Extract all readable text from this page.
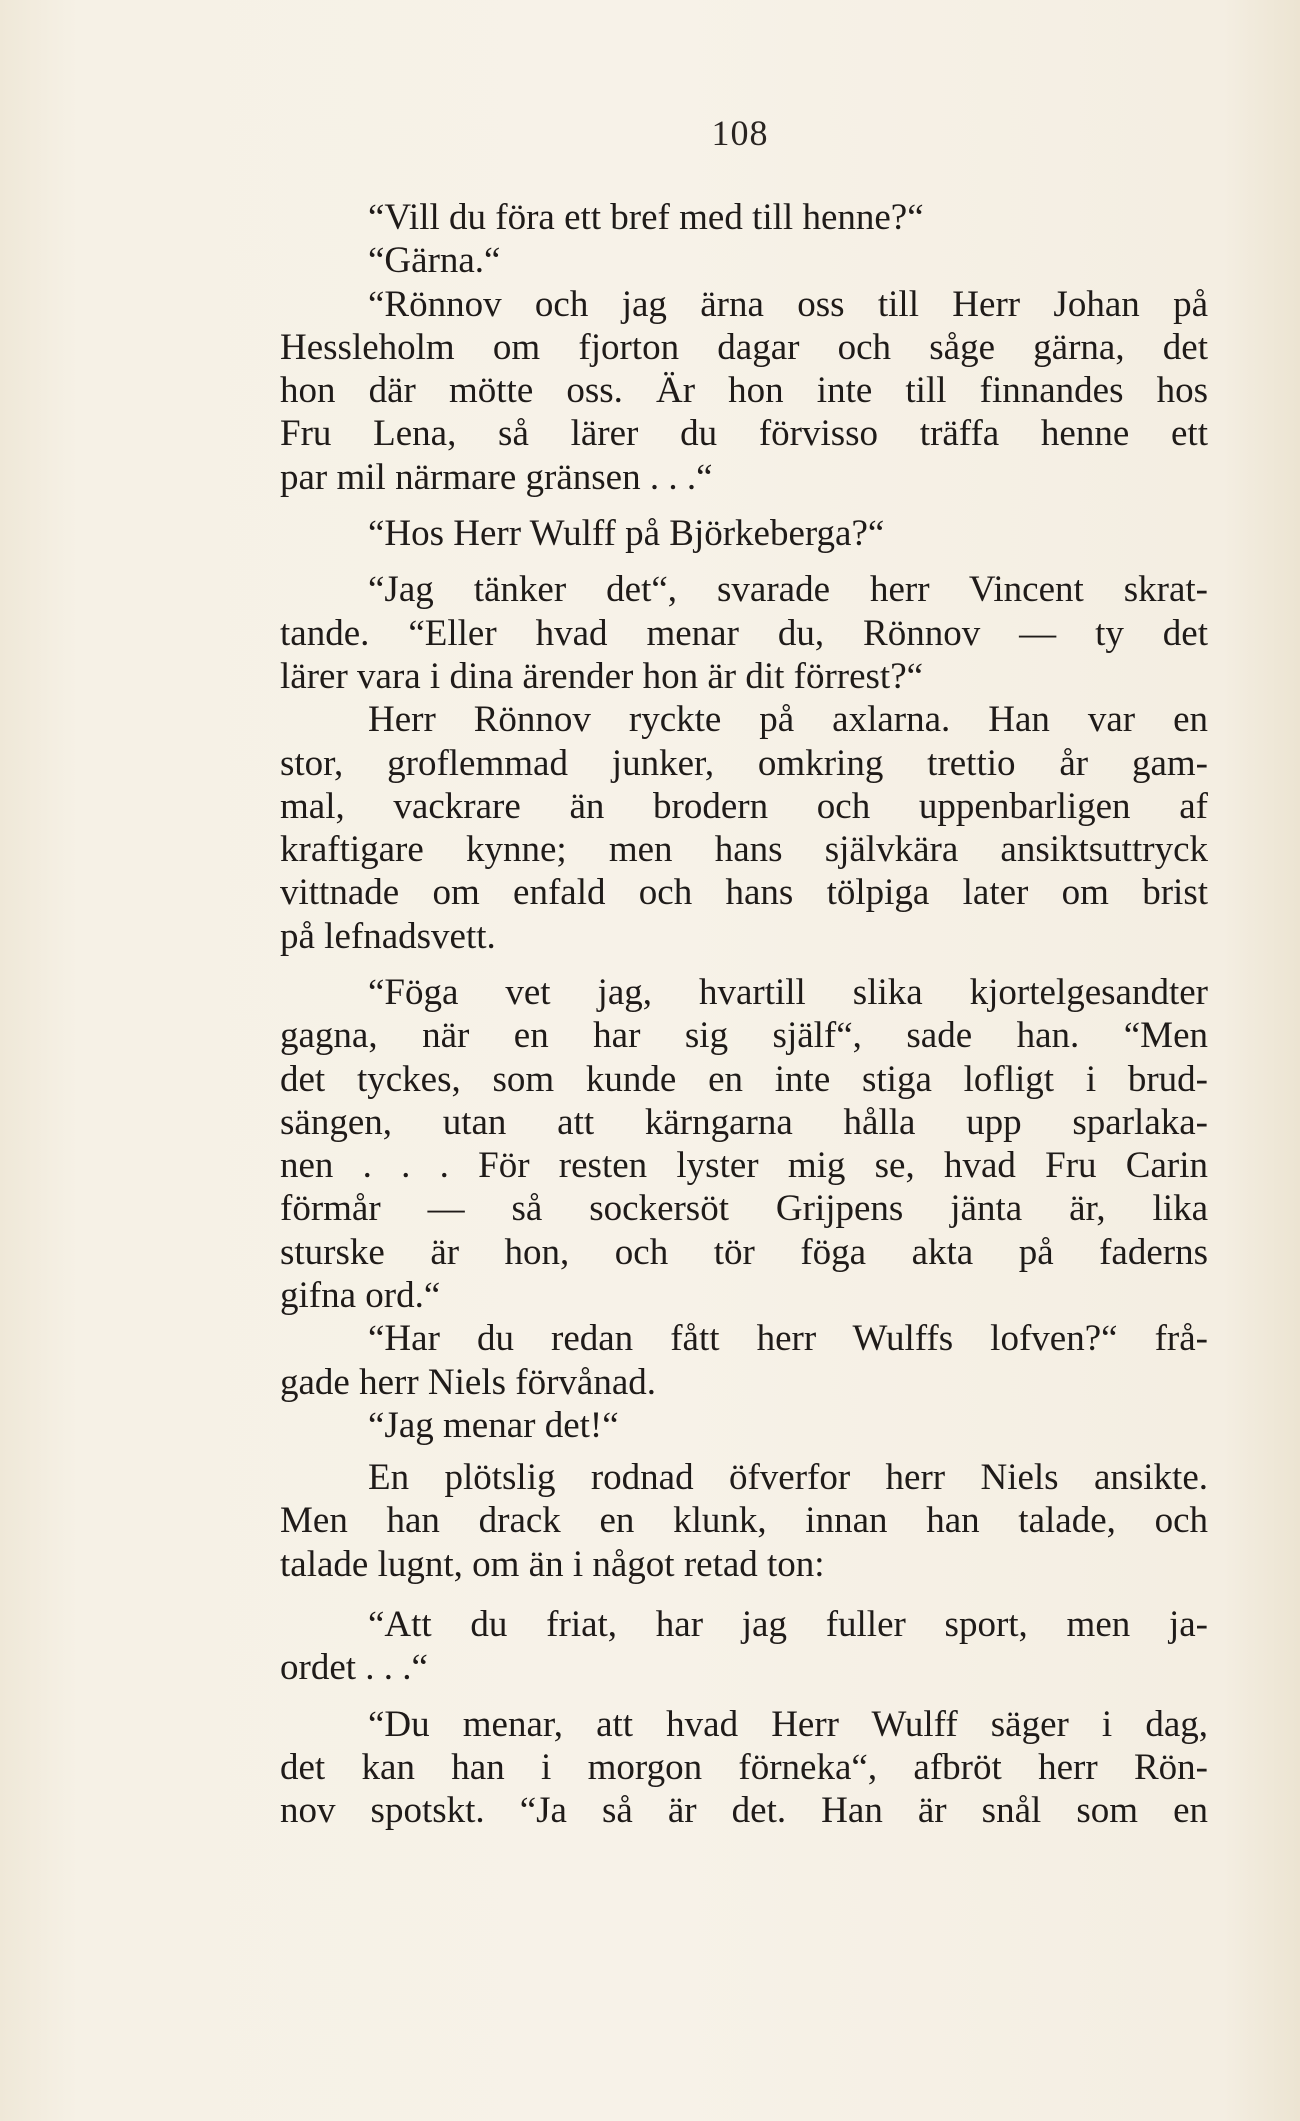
108
“Vill du föra ett bref med till henne?“
“Gärna.“
“Rönnov och jag ärna oss till Herr Johan på
Hessleholm om fjorton dagar och såge gärna, det
hon där mötte oss. Är hon inte till finnandes hos
Fru Lena, så lärer du förvisso träffa henne ett
par mil närmare gränsen . . .“
“Hos Herr Wulff på Björkeberga?“
“Jag tänker det“, svarade herr Vincent skrat-
tande. “Eller hvad menar du, Rönnov — ty det
lärer vara i dina ärender hon är dit förrest?“
Herr Rönnov ryckte på axlarna. Han var en
stor, groflemmad junker, omkring trettio år gam-
mal, vackrare än brodern och uppenbarligen af
kraftigare kynne; men hans självkära ansiktsuttryck
vittnade om enfald och hans tölpiga later om brist
på lefnadsvett.
“Föga vet jag, hvartill slika kjortelgesandter
gagna, när en har sig själf“, sade han. “Men
det tyckes, som kunde en inte stiga lofligt i brud-
sängen, utan att kärngarna hålla upp sparlaka-
nen . . . För resten lyster mig se, hvad Fru Carin
förmår — så sockersöt Grijpens jänta är, lika
sturske är hon, och tör föga akta på faderns
gifna ord.“
“Har du redan fått herr Wulffs lofven?“ frå-
gade herr Niels förvånad.
“Jag menar det!“
En plötslig rodnad öfverfor herr Niels ansikte.
Men han drack en klunk, innan han talade, och
talade lugnt, om än i något retad ton:
“Att du friat, har jag fuller sport, men ja-
ordet . . .“
“Du menar, att hvad Herr Wulff säger i dag,
det kan han i morgon förneka“, afbröt herr Rön-
nov spotskt. “Ja så är det. Han är snål som en
